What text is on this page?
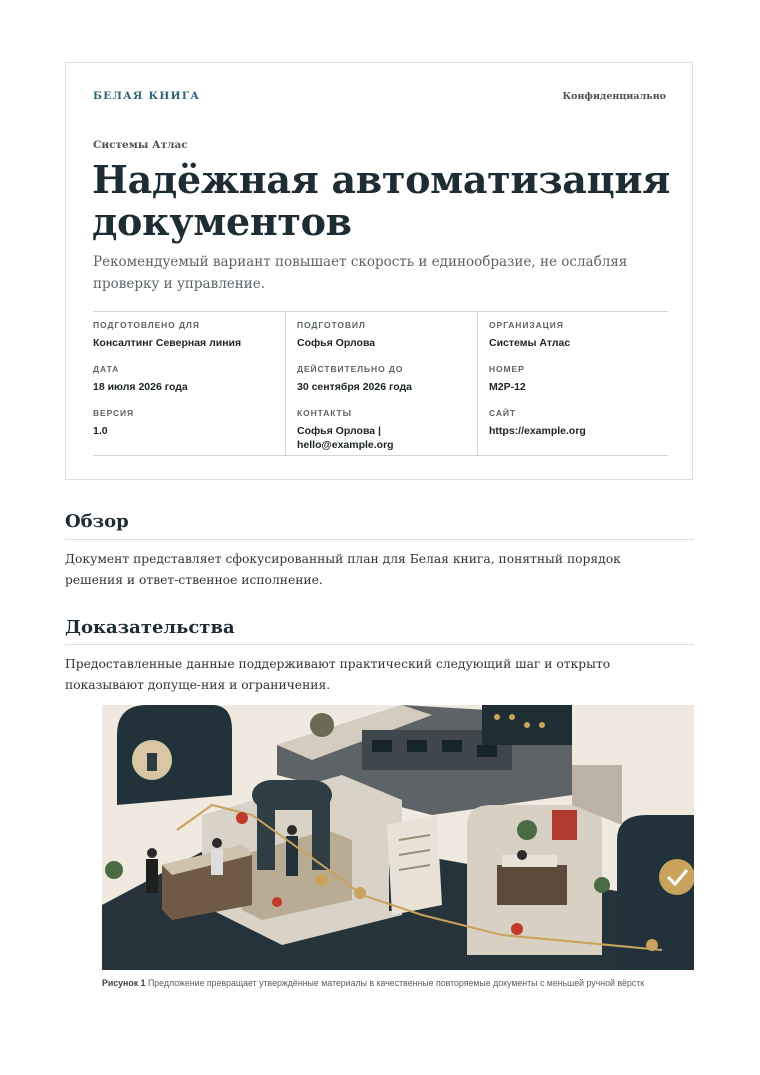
БЕЛАЯ КНИГА	Конфиденциально
Системы Атлас
Надёжная автоматизация документов

Рекомендуемый вариант повышает скорость и единообразие, не ослабляя проверку и управление.

ПОДГОТОВЛЕНО ДЛЯ
Консалтинг Северная линия
ДАТА
18 июля 2026 года
ВЕРСИЯ
1.0
ПОДГОТОВИЛ
Софья Орлова
ДЕЙСТВИТЕЛЬНО ДО
30 сентября 2026 года
КОНТАКТЫ
Софья Орлова | hello@example.org
ОРГАНИЗАЦИЯ
Системы Атлас
НОМЕР
M2P-12
САЙТ
https://example.org
Обзор

Документ представляет сфокусированный план для Белая книга, понятный порядок решения и ответ-ственное исполнение.

Доказательства

Предоставленные данные поддерживают практический следующий шаг и открыто показывают допуще-ния и ограничения.

Рисунок 1 Предложение превращает утверждённые материалы в качественные повторяемые документы с меньшей ручной вёрстк
